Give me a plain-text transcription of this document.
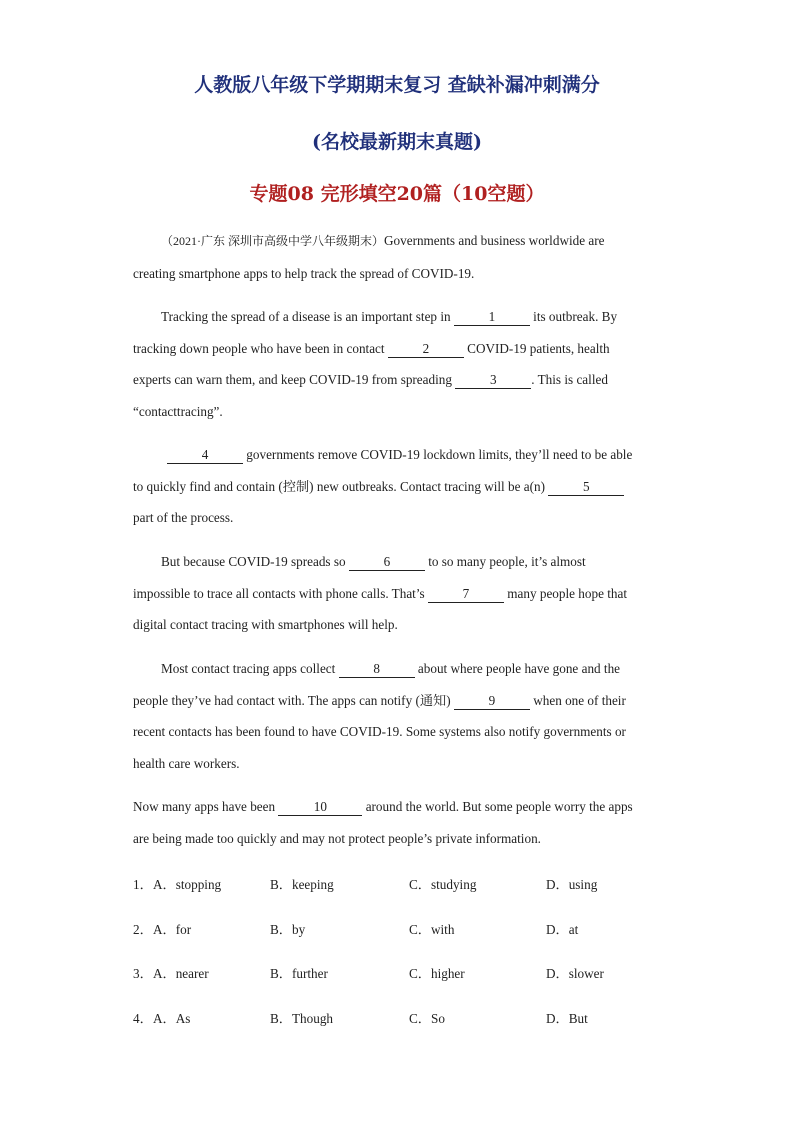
人教版八年级下学期期末复习 查缺补漏冲刺满分
(名校最新期末真题)
专题08 完形填空20篇（10空题）
（2021·广东 深圳市高级中学八年级期末）Governments and business worldwide are
creating smartphone apps to help track the spread of COVID-19.
Tracking the spread of a disease is an important step in	1	its outbreak. By
tracking down people who have been in contact	2	COVID-19 patients, health
experts can warn them, and keep COVID-19 from spreading	3	. This is called
“contacttracing”.
4	governments remove COVID-19 lockdown limits, they’ll need to be able
to quickly find and contain (控制) new outbreaks. Contact tracing will be a(n)	5
part of the process.
But because COVID-19 spreads so	6	to so many people, it’s almost
impossible to trace all contacts with phone calls. That’s	7	many people hope that
digital contact tracing with smartphones will help.
Most contact tracing apps collect	8	about where people have gone and the
people they’ve had contact with. The apps can notify (通知)	9	when one of their
recent contacts has been found to have COVID-19. Some systems also notify governments or
health care workers.
Now many apps have been	10	around the world. But some people worry the apps
are being made too quickly and may not protect people’s private information.
1． A．stopping	B．keeping	C．studying	D．using
2． A．for	B．by	C．with	D．at
3． A．nearer	B．further	C．higher	D．slower
4． A．As	B．Though	C．So	D．But
